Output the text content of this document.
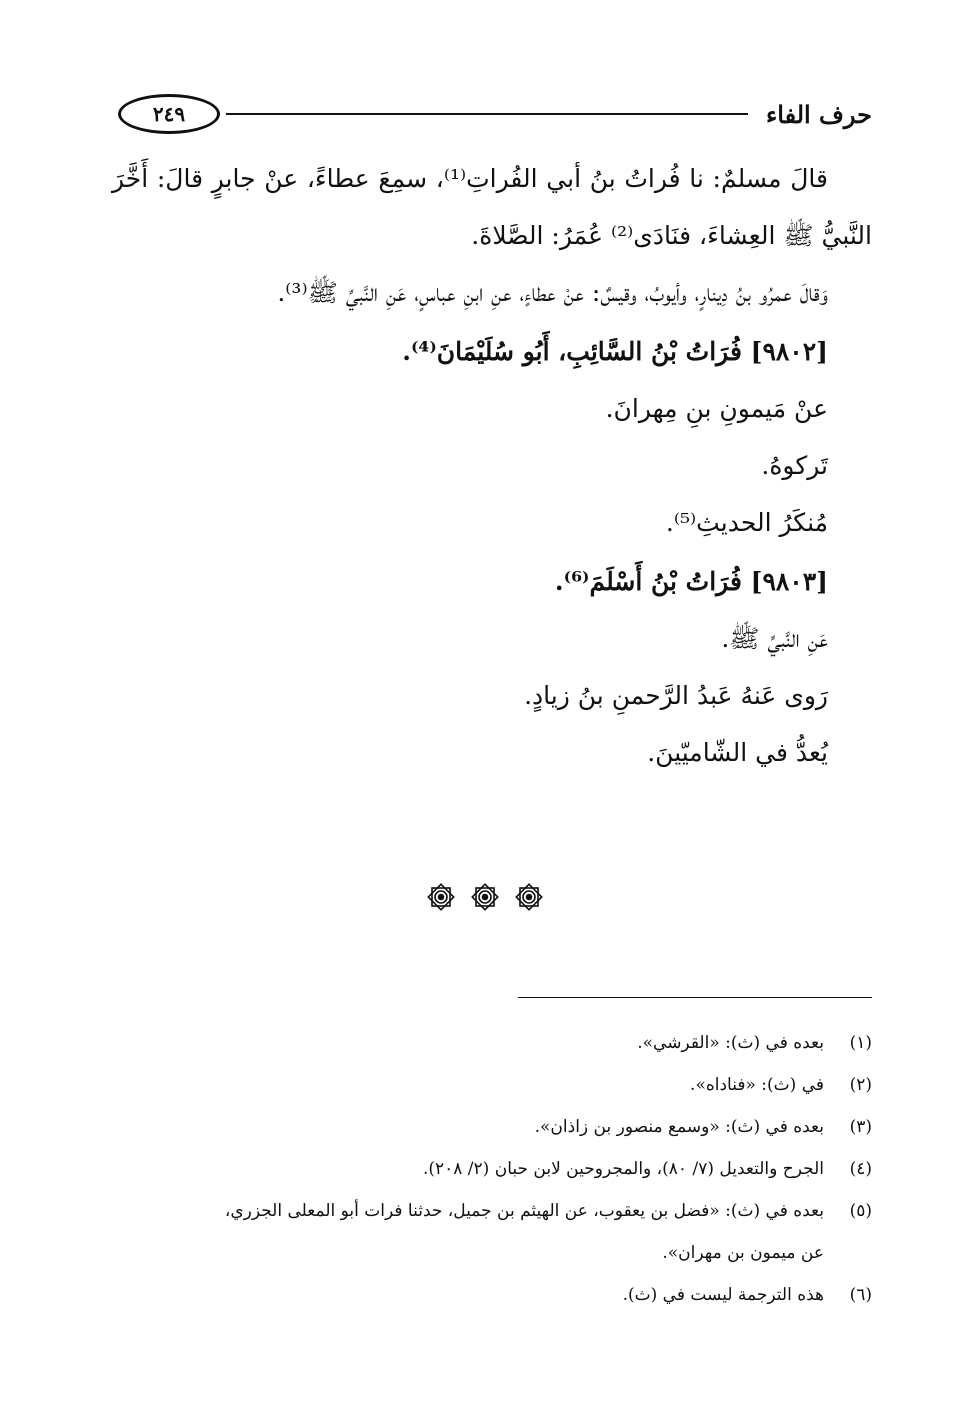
حرف الفاء
٢٤٩

قالَ مسلمٌ: نا فُراتُ بنُ أبي الفُراتِ⁽¹⁾، سمِعَ عطاءً، عنْ جابرٍ قالَ: أَخَّرَ النَّبيُّ ﷺ العِشاءَ، فنَادَى⁽²⁾ عُمَرُ: الصَّلاةَ.

وَقالَ عمرُو بنُ دِينارٍ، وأيوبُ، وقيسٌ: عنْ عطاءٍ، عنِ ابنِ عباسٍ، عَنِ النَّبيِّ ﷺ⁽³⁾.

[٩٨٠٢] فُرَاتُ بْنُ السَّائِبِ، أَبُو سُلَيْمَانَ⁽⁴⁾.

عنْ مَيمونِ بنِ مِهرانَ.

تَركوهُ.

مُنكَرُ الحديثِ⁽⁵⁾.

[٩٨٠٣] فُرَاتُ بْنُ أَسْلَمَ⁽⁶⁾.

عَنِ النَّبيِّ ﷺ.

رَوى عَنهُ عَبدُ الرَّحمنِ بنُ زيادٍ.

يُعدُّ في الشّاميّينَ.

(١)بعده في (ث): «القرشي».

(٢)في (ث): «فناداه».

(٣)بعده في (ث): «وسمع منصور بن زاذان».

(٤)الجرح والتعديل (٧/ ٨٠)، والمجروحين لابن حبان (٢/ ٢٠٨).

(٥)بعده في (ث): «فضل بن يعقوب، عن الهيثم بن جميل، حدثنا فرات أبو المعلى الجزري،

عن ميمون بن مهران».

(٦)هذه الترجمة ليست في (ث).
